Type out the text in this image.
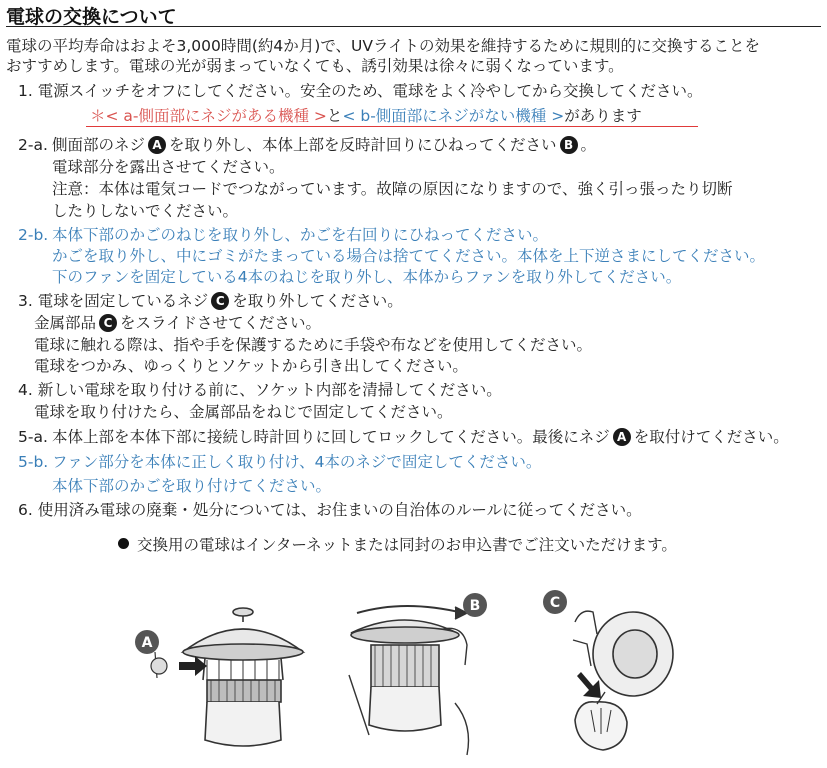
電球の交換について
電球の平均寿命はおよそ3,000時間(約4か月)で、UVライトの効果を維持するために規則的に交換することを
おすすめします。電球の光が弱まっていなくても、誘引効果は徐々に弱くなっています。
1. 電源スイッチをオフにしてください。安全のため、電球をよく冷やしてから交換してください。
＊< a-側面部にネジがある機種 >と< b-側面部にネジがない機種 >があります
2-a. 側面部のネジ A を取り外し、本体上部を反時計回りにひねってください B 。
電球部分を露出させてください。
注意：本体は電気コードでつながっています。故障の原因になりますので、強く引っ張ったり切断
したりしないでください。
2-b. 本体下部のかごのねじを取り外し、かごを右回りにひねってください。
かごを取り外し、中にゴミがたまっている場合は捨ててください。本体を上下逆さまにしてください。
下のファンを固定している4本のねじを取り外し、本体からファンを取り外してください。
3. 電球を固定しているネジ C を取り外してください。
金属部品 C をスライドさせてください。
電球に触れる際は、指や手を保護するために手袋や布などを使用してください。
電球をつかみ、ゆっくりとソケットから引き出してください。
4. 新しい電球を取り付ける前に、ソケット内部を清掃してください。
電球を取り付けたら、金属部品をねじで固定してください。
5-a. 本体上部を本体下部に接続し時計回りに回してロックしてください。最後にネジ A を取付けてください。
5-b. ファン部分を本体に正しく取り付け、4本のネジで固定してください。
本体下部のかごを取り付けてください。
6. 使用済み電球の廃棄・処分については、お住まいの自治体のルールに従ってください。
交換用の電球はインターネットまたは同封のお申込書でご注文いただけます。
A
B	C
